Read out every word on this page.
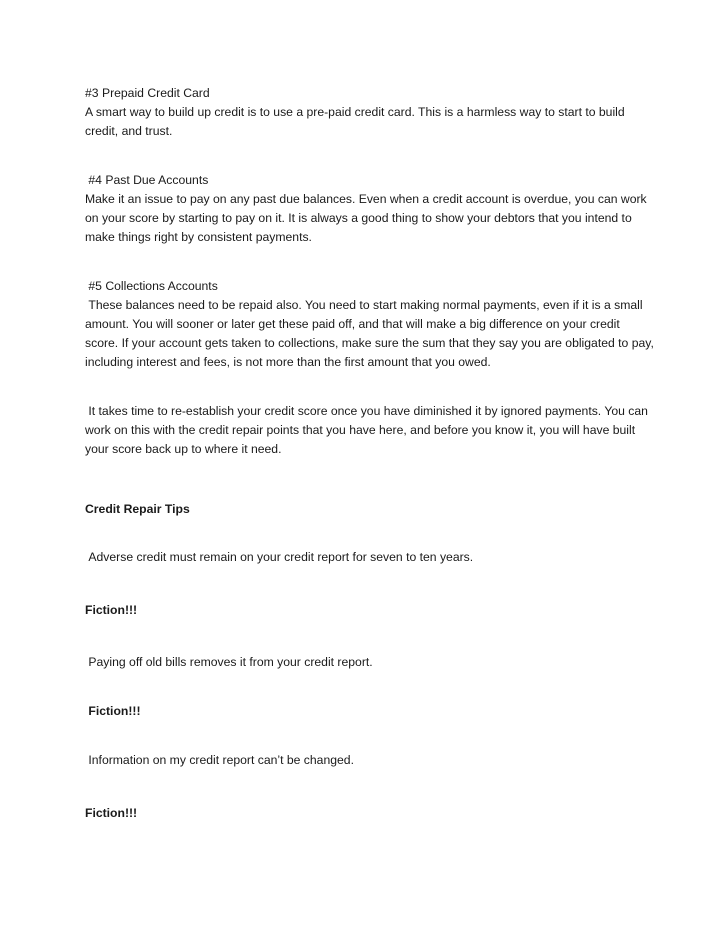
#3 Prepaid Credit Card

A smart way to build up credit is to use a pre-paid credit card. This is a harmless way to start to build credit, and trust.

#4 Past Due Accounts

Make it an issue to pay on any past due balances. Even when a credit account is overdue, you can work on your score by starting to pay on it. It is always a good thing to show your debtors that you intend to make things right by consistent payments.

#5 Collections Accounts

These balances need to be repaid also. You need to start making normal payments, even if it is a small amount. You will sooner or later get these paid off, and that will make a big difference on your credit score. If your account gets taken to collections, make sure the sum that they say you are obligated to pay, including interest and fees, is not more than the first amount that you owed.

It takes time to re-establish your credit score once you have diminished it by ignored payments. You can work on this with the credit repair points that you have here, and before you know it, you will have built your score back up to where it need.

Credit Repair Tips

Adverse credit must remain on your credit report for seven to ten years.

Fiction!!!

Paying off old bills removes it from your credit report.

Fiction!!!

Information on my credit report can’t be changed.

Fiction!!!
